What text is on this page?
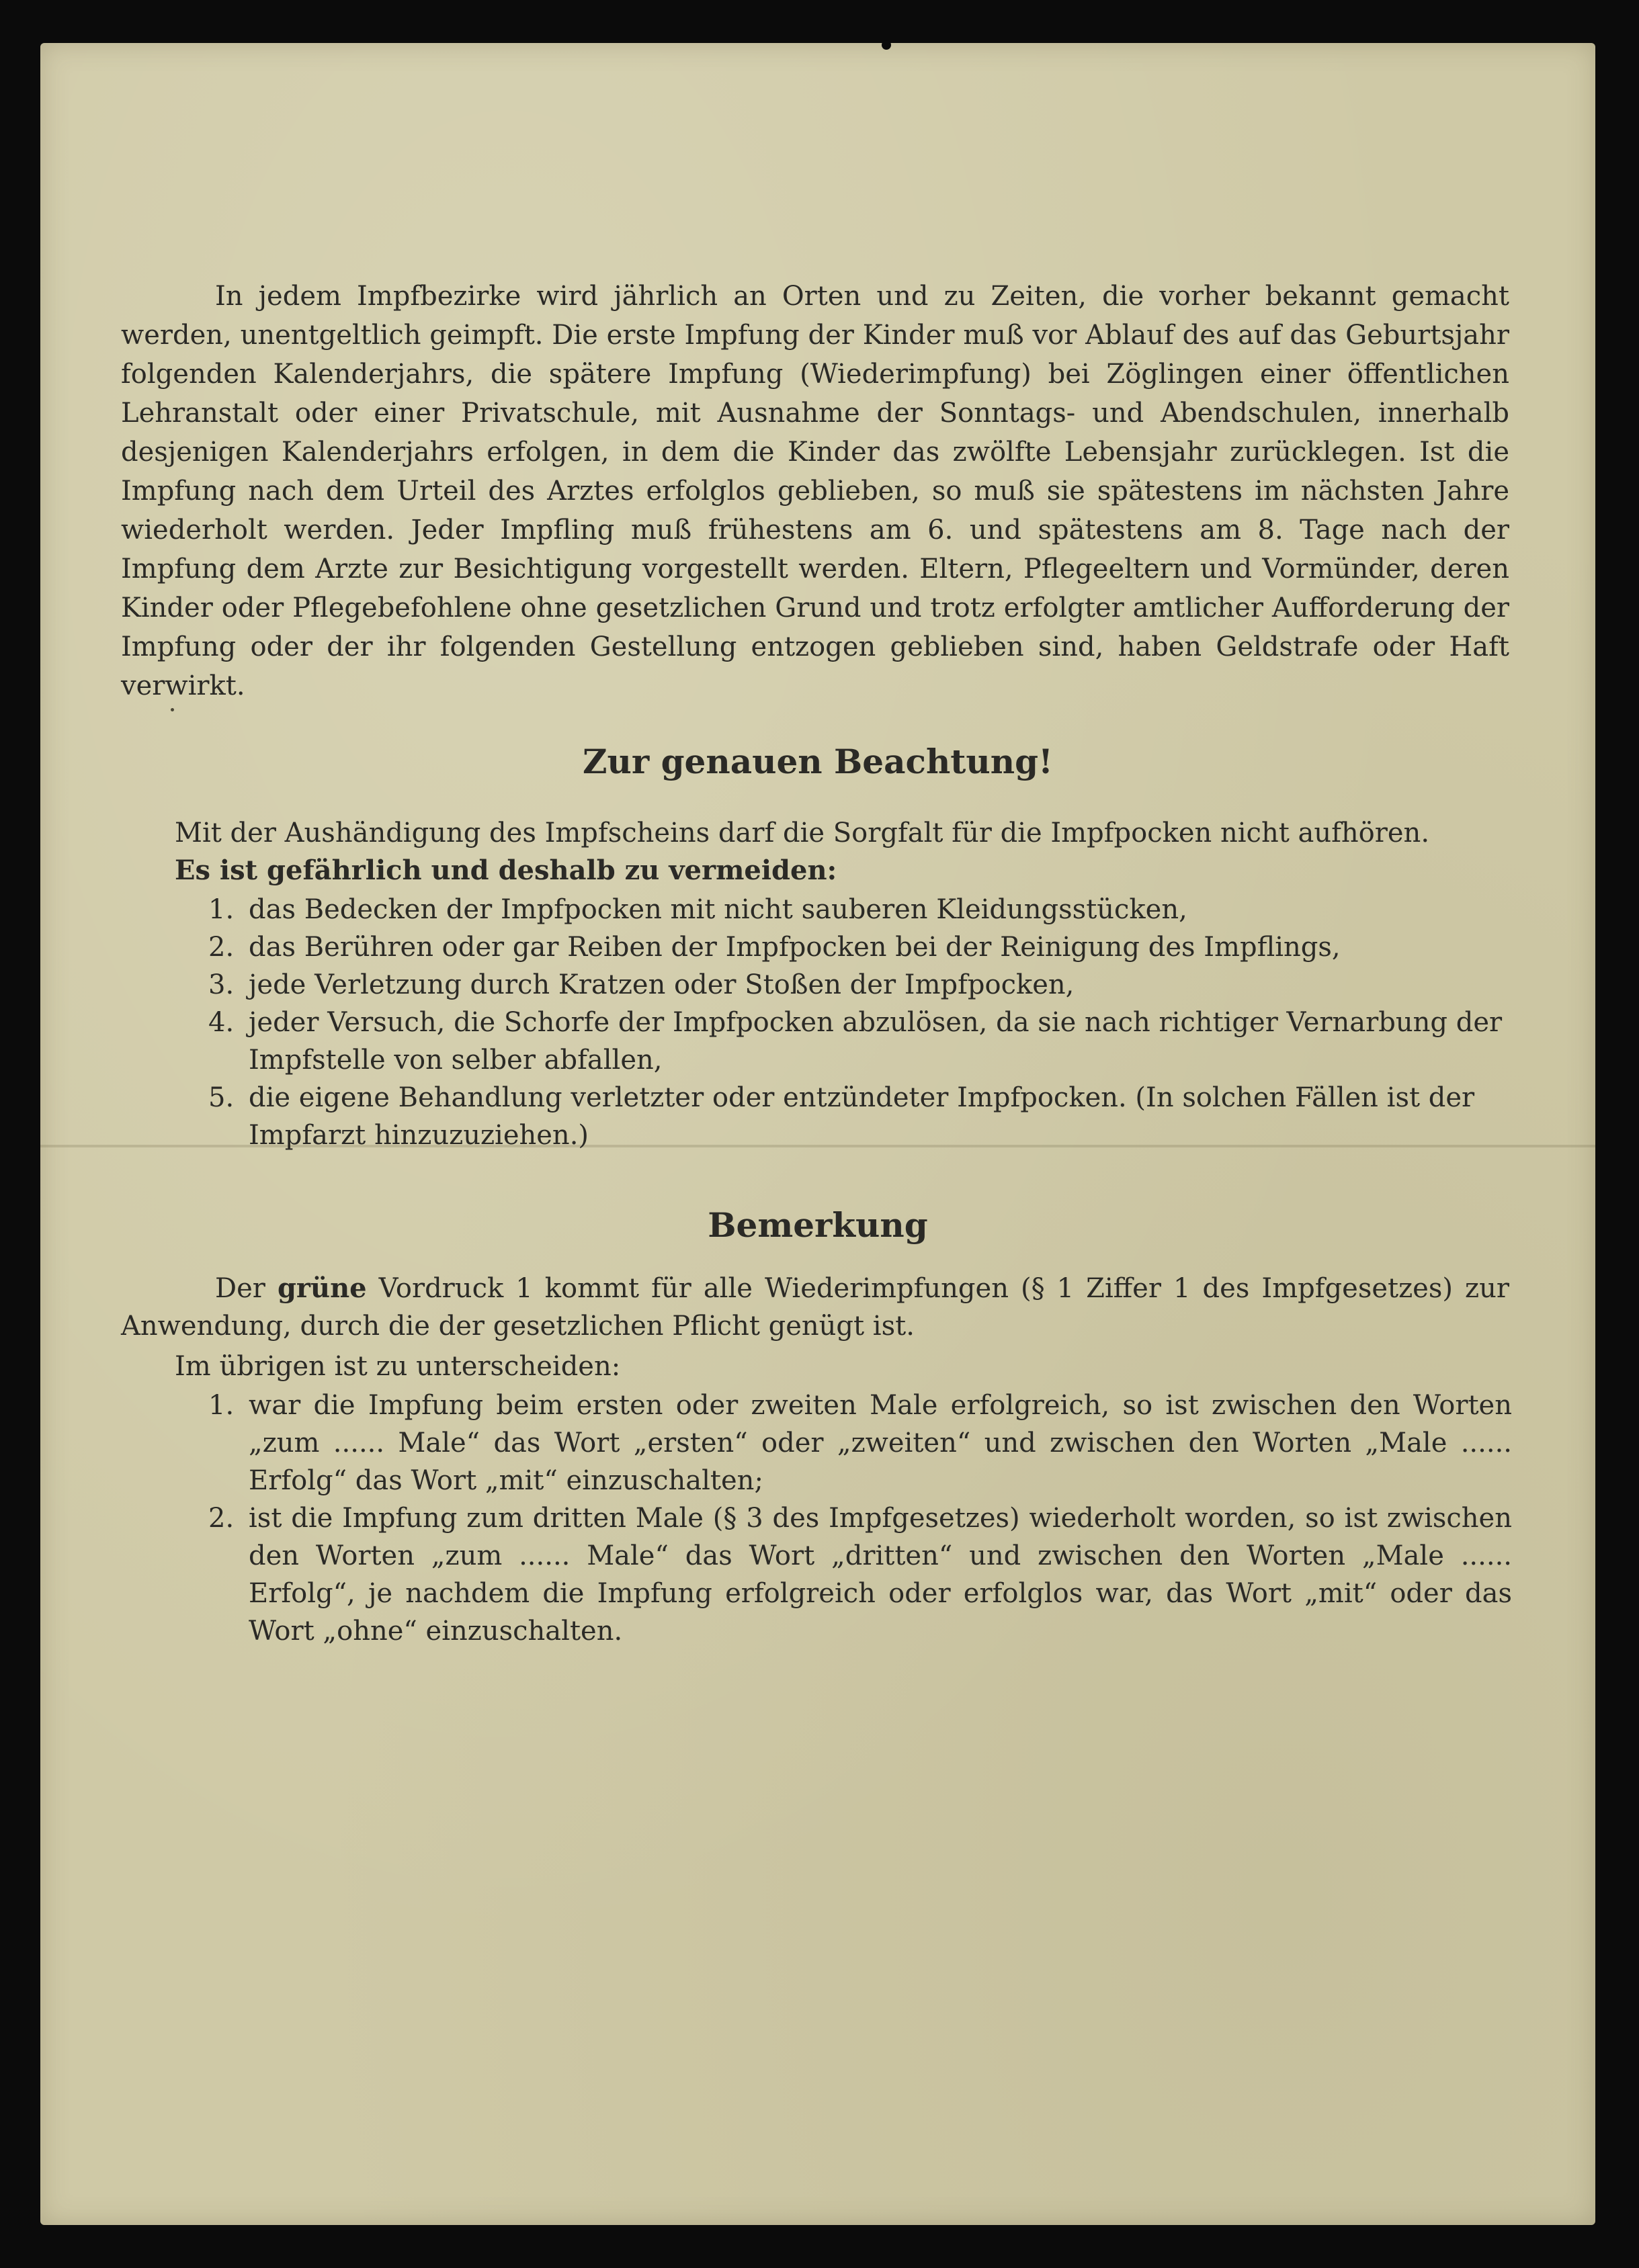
In jedem Impfbezirke wird jährlich an Orten und zu Zeiten, die vorher bekannt gemacht werden, unentgeltlich geimpft. Die erste Impfung der Kinder muß vor Ablauf des auf das Geburtsjahr folgenden Kalenderjahrs, die spätere Impfung (Wiederimpfung) bei Zöglingen einer öffentlichen Lehranstalt oder einer Privatschule, mit Ausnahme der Sonntags- und Abendschulen, innerhalb desjenigen Kalenderjahrs erfolgen, in dem die Kinder das zwölfte Lebensjahr zurücklegen. Ist die Impfung nach dem Urteil des Arztes erfolglos geblieben, so muß sie spätestens im nächsten Jahre wiederholt werden. Jeder Impfling muß frühestens am 6. und spätestens am 8. Tage nach der Impfung dem Arzte zur Besichtigung vorgestellt werden. Eltern, Pflegeeltern und Vormünder, deren Kinder oder Pflegebefohlene ohne gesetzlichen Grund und trotz erfolgter amtlicher Aufforderung der Impfung oder der ihr folgenden Gestellung entzogen geblieben sind, haben Geldstrafe oder Haft verwirkt.

Zur genauen Beachtung!

Mit der Aushändigung des Impfscheins darf die Sorgfalt für die Impfpocken nicht aufhören.

Es ist gefährlich und deshalb zu vermeiden:

1. das Bedecken der Impfpocken mit nicht sauberen Kleidungsstücken,
2. das Berühren oder gar Reiben der Impfpocken bei der Reinigung des Impflings,
3. jede Verletzung durch Kratzen oder Stoßen der Impfpocken,
4. jeder Versuch, die Schorfe der Impfpocken abzulösen, da sie nach richtiger Vernarbung der Impfstelle von selber abfallen,
5. die eigene Behandlung verletzter oder entzündeter Impfpocken. (In solchen Fällen ist der Impfarzt hinzuzuziehen.)
Bemerkung

Der grüne Vordruck 1 kommt für alle Wiederimpfungen (§ 1 Ziffer 1 des Impfgesetzes) zur Anwendung, durch die der gesetzlichen Pflicht genügt ist.

Im übrigen ist zu unterscheiden:

1. war die Impfung beim ersten oder zweiten Male erfolgreich, so ist zwischen den Worten „zum ...... Male“ das Wort „ersten“ oder „zweiten“ und zwischen den Worten „Male ...... Erfolg“ das Wort „mit“ einzuschalten;
2. ist die Impfung zum dritten Male (§ 3 des Impfgesetzes) wiederholt worden, so ist zwischen den Worten „zum ...... Male“ das Wort „dritten“ und zwischen den Worten „Male ...... Erfolg“, je nachdem die Impfung erfolgreich oder erfolglos war, das Wort „mit“ oder das Wort „ohne“ einzuschalten.
